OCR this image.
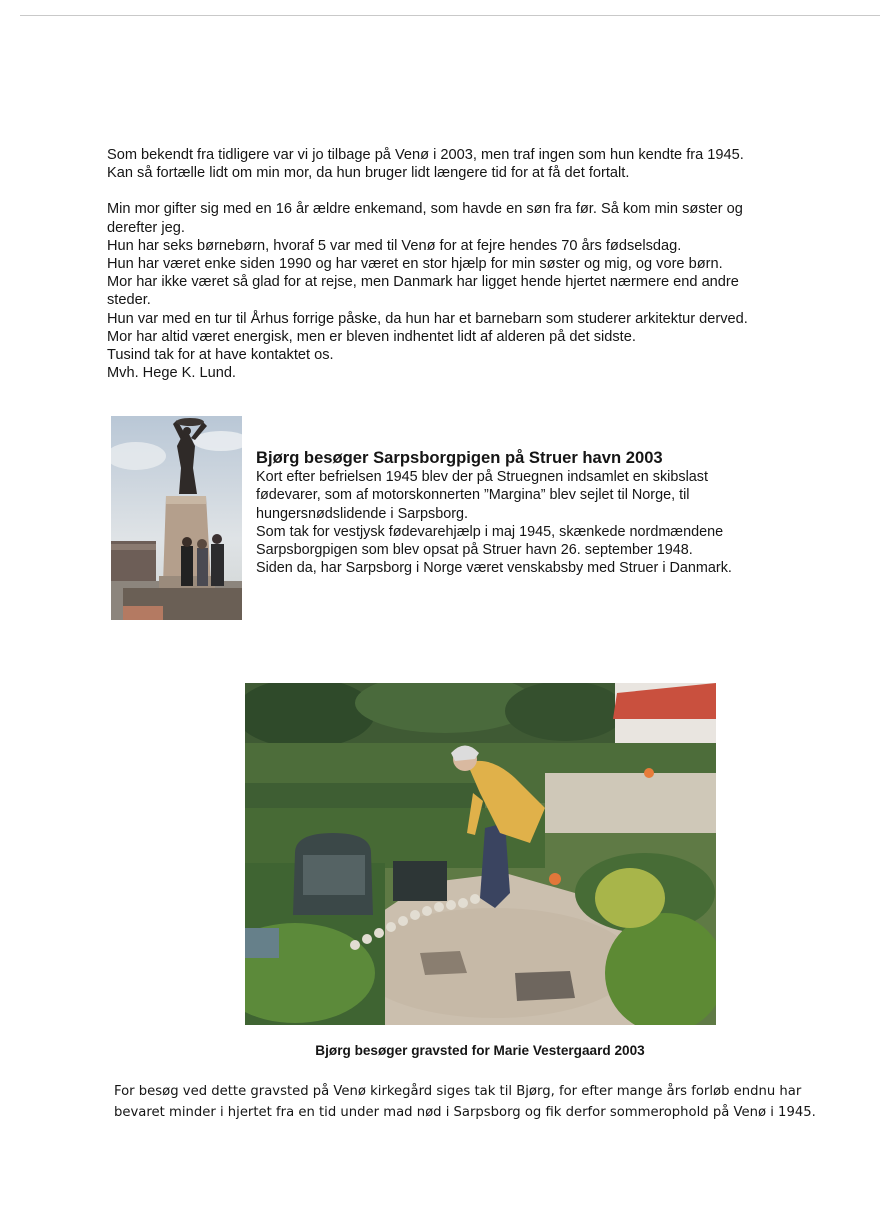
Som bekendt fra tidligere var vi jo tilbage på Venø i 2003, men traf ingen som hun kendte fra 1945.
Kan så fortælle lidt om min mor, da hun bruger lidt længere tid for at få det fortalt.
Min mor gifter sig med en 16 år ældre enkemand, som havde en søn fra før. Så kom min søster og
derefter jeg.
Hun har seks børnebørn, hvoraf 5 var med til Venø for at fejre hendes 70 års fødselsdag.
Hun har været enke siden 1990 og har været en stor hjælp for min søster og mig, og vore børn.
Mor har ikke været så glad for at rejse, men Danmark har ligget hende hjertet nærmere end andre
steder.
Hun var med en tur til Århus forrige påske, da hun har et barnebarn som studerer arkitektur derved.
Mor har altid været energisk, men er bleven indhentet lidt af alderen på det sidste.
Tusind tak for at have kontaktet os.
Mvh. Hege K. Lund.
Bjørg besøger Sarpsborgpigen på Struer havn 2003
Kort efter befrielsen 1945 blev der på Struegnen indsamlet en skibslast
fødevarer, som af motorskonnerten ”Margina” blev sejlet til Norge, til
hungersnødslidende i Sarpsborg.
Som tak for vestjysk fødevarehjælp i maj 1945, skænkede nordmændene
Sarpsborgpigen som blev opsat på Struer havn 26. september 1948.
Siden da, har Sarpsborg i Norge været venskabsby med Struer i Danmark.
Bjørg besøger gravsted for Marie Vestergaard 2003
For besøg ved dette gravsted på Venø kirkegård siges tak til Bjørg, for efter mange års forløb endnu har
bevaret minder i hjertet fra en tid under mad nød i Sarpsborg og fik derfor sommerophold på Venø i 1945.
